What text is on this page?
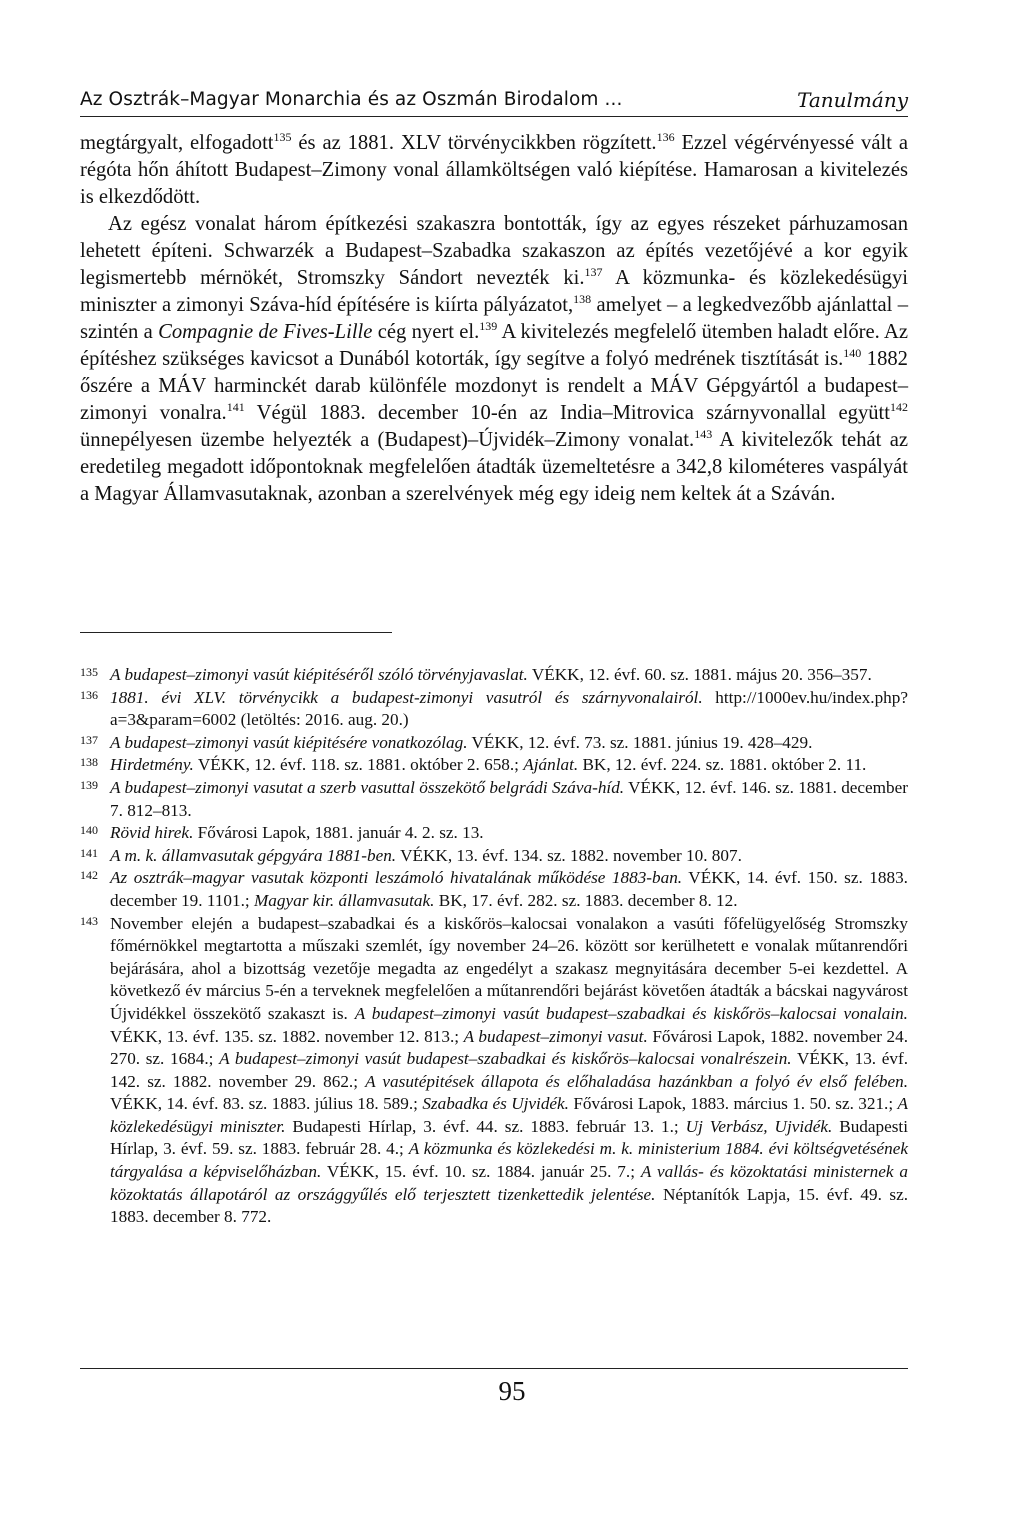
Az Osztrák–Magyar Monarchia és az Oszmán Birodalom ...	Tanulmány

megtárgyalt, elfogadott$^{135}$ és az 1881. XLV törvénycikkben rögzített.$^{136}$ Ezzel végérvényessé vált a régóta hőn áhított Budapest–Zimony vonal államköltségen való kiépítése. Hamarosan a kivitelezés is elkezdődött.

Az egész vonalat három építkezési szakaszra bontották, így az egyes részeket párhuzamosan lehetett építeni. Schwarzék a Budapest–Szabadka szakaszon az építés vezetőjévé a kor egyik legismertebb mérnökét, Stromszky Sándort nevezték ki.$^{137}$ A közmunka- és közlekedésügyi miniszter a zimonyi Száva-híd építésére is kiírta pályázatot,$^{138}$ amelyet – a legkedvezőbb ajánlattal – szintén a Compagnie de Fives-Lille cég nyert el.$^{139}$ A kivitelezés megfelelő ütemben haladt előre. Az építéshez szükséges kavicsot a Dunából kotorták, így segítve a folyó medrének tisztítását is.$^{140}$ 1882 őszére a MÁV harminckét darab különféle mozdonyt is rendelt a MÁV Gépgyártól a budapest–zimonyi vonalra.$^{141}$ Végül 1883. december 10-én az India–Mitrovica szárnyvonallal együtt$^{142}$ ünnepélyesen üzembe helyezték a (Budapest)–Újvidék–Zimony vonalat.$^{143}$ A kivitelezők tehát az eredetileg megadott időpontoknak megfelelően átadták üzemeltetésre a 342,8 kilométeres vaspályát a Magyar Államvasutaknak, azonban a szerelvények még egy ideig nem keltek át a Száván.

135 A budapest–zimonyi vasút kiépitéséről szóló törvényjavaslat. VÉKK, 12. évf. 60. sz. 1881. május 20. 356–357.
136 1881. évi XLV. törvénycikk a budapest-zimonyi vasutról és szárnyvonalairól. http://1000ev.hu/index.php?a=3&param=6002 (letöltés: 2016. aug. 20.)
137 A budapest–zimonyi vasút kiépitésére vonatkozólag. VÉKK, 12. évf. 73. sz. 1881. június 19. 428–429.
138 Hirdetmény. VÉKK, 12. évf. 118. sz. 1881. október 2. 658.; Ajánlat. BK, 12. évf. 224. sz. 1881. október 2. 11.
139 A budapest–zimonyi vasutat a szerb vasuttal összekötő belgrádi Száva-híd. VÉKK, 12. évf. 146. sz. 1881. december 7. 812–813.
140 Rövid hirek. Fővárosi Lapok, 1881. január 4. 2. sz. 13.
141 A m. k. államvasutak gépgyára 1881-ben. VÉKK, 13. évf. 134. sz. 1882. november 10. 807.
142 Az osztrák–magyar vasutak központi leszámoló hivatalának működése 1883-ban. VÉKK, 14. évf. 150. sz. 1883. december 19. 1101.; Magyar kir. államvasutak. BK, 17. évf. 282. sz. 1883. december 8. 12.
143 November elején a budapest–szabadkai és a kiskőrös–kalocsai vonalakon a vasúti főfelügyelőség Stromszky főmérnökkel megtartotta a műszaki szemlét, így november 24–26. között sor kerülhetett e vonalak műtanrendőri bejárására, ahol a bizottság vezetője megadta az engedélyt a szakasz megnyitására december 5-ei kezdettel. A következő év március 5-én a terveknek megfelelően a műtanrendőri bejárást követően átadták a bácskai nagyvárost Újvidékkel összekötő szakaszt is. A budapest–zimonyi vasút budapest–szabadkai és kiskőrös–kalocsai vonalain. VÉKK, 13. évf. 135. sz. 1882. november 12. 813.; A budapest–zimonyi vasut. Fővárosi Lapok, 1882. november 24. 270. sz. 1684.; A budapest–zimonyi vasút budapest–szabadkai és kiskőrös–kalocsai vonalrészein. VÉKK, 13. évf. 142. sz. 1882. november 29. 862.; A vasutépitések állapota és előhaladása hazánkban a folyó év első felében. VÉKK, 14. évf. 83. sz. 1883. július 18. 589.; Szabadka és Ujvidék. Fővárosi Lapok, 1883. március 1. 50. sz. 321.; A közlekedésügyi miniszter. Budapesti Hírlap, 3. évf. 44. sz. 1883. február 13. 1.; Uj Verbász, Ujvidék. Budapesti Hírlap, 3. évf. 59. sz. 1883. február 28. 4.; A közmunka és közlekedési m. k. ministerium 1884. évi költségvetésének tárgyalása a képviselőházban. VÉKK, 15. évf. 10. sz. 1884. január 25. 7.; A vallás- és közoktatási ministernek a közoktatás állapotáról az országgyűlés elő terjesztett tizenkettedik jelentése. Néptanítók Lapja, 15. évf. 49. sz. 1883. december 8. 772.
95
